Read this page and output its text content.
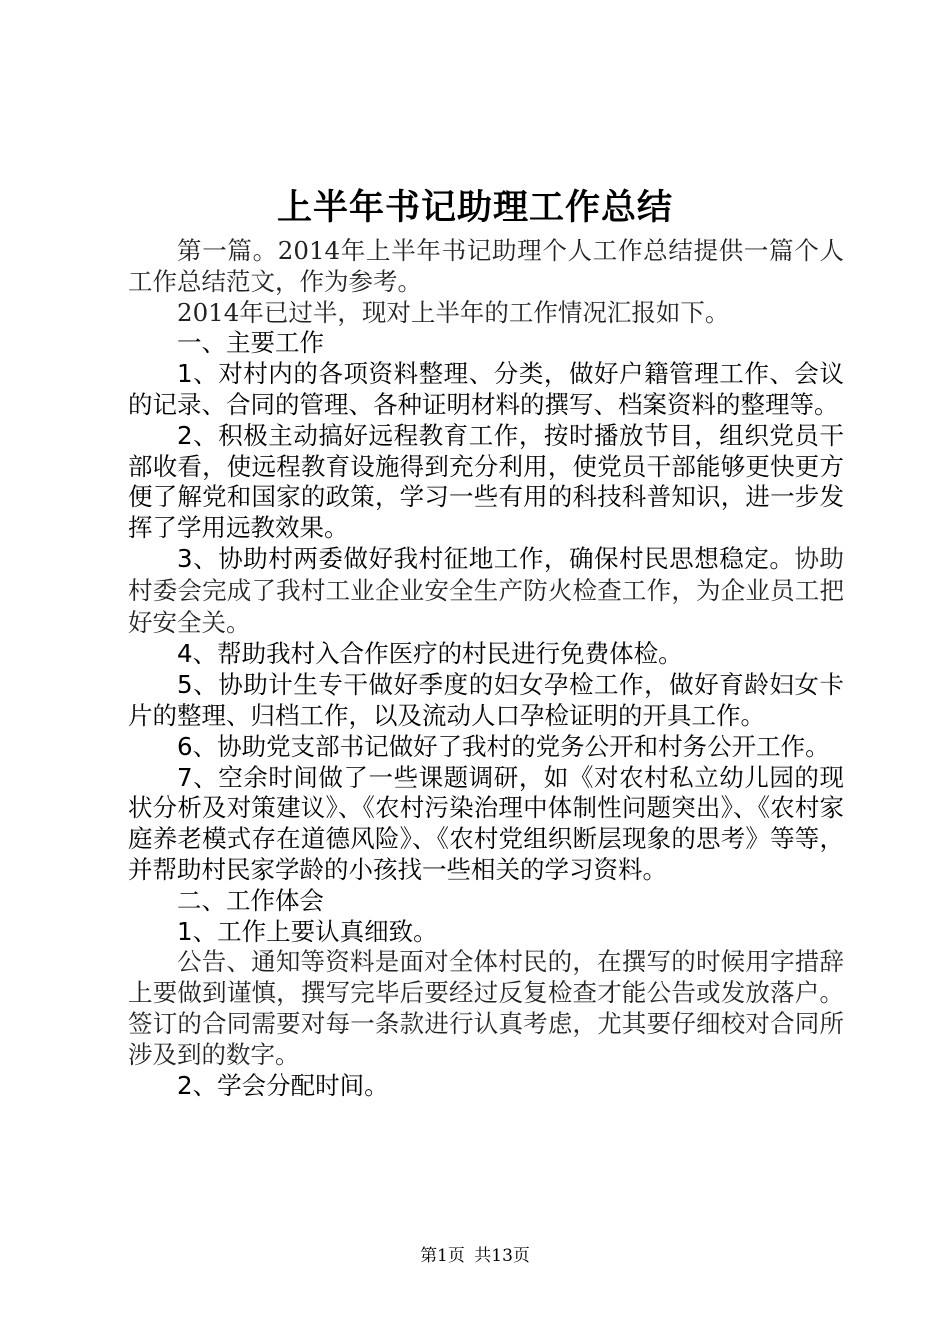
上半年书记助理工作总结

第一篇。2014年上半年书记助理个人工作总结提供一篇个人工作总结范文，作为参考。

2014年已过半，现对上半年的工作情况汇报如下。

一、主要工作

1、对村内的各项资料整理、分类，做好户籍管理工作、会议的记录、合同的管理、各种证明材料的撰写、档案资料的整理等。

2、积极主动搞好远程教育工作，按时播放节目，组织党员干部收看，使远程教育设施得到充分利用，使党员干部能够更快更方便了解党和国家的政策，学习一些有用的科技科普知识，进一步发挥了学用远教效果。

3、协助村两委做好我村征地工作，确保村民思想稳定。协助村委会完成了我村工业企业安全生产防火检查工作，为企业员工把好安全关。

4、帮助我村入合作医疗的村民进行免费体检。

5、协助计生专干做好季度的妇女孕检工作，做好育龄妇女卡片的整理、归档工作，以及流动人口孕检证明的开具工作。

6、协助党支部书记做好了我村的党务公开和村务公开工作。

7、空余时间做了一些课题调研，如《对农村私立幼儿园的现状分析及对策建议》、《农村污染治理中体制性问题突出》、《农村家庭养老模式存在道德风险》、《农村党组织断层现象的思考》等等，并帮助村民家学龄的小孩找一些相关的学习资料。

二、工作体会

1、工作上要认真细致。

公告、通知等资料是面对全体村民的，在撰写的时候用字措辞上要做到谨慎，撰写完毕后要经过反复检查才能公告或发放落户。签订的合同需要对每一条款进行认真考虑，尤其要仔细校对合同所涉及到的数字。

2、学会分配时间。

第1页 共13页
